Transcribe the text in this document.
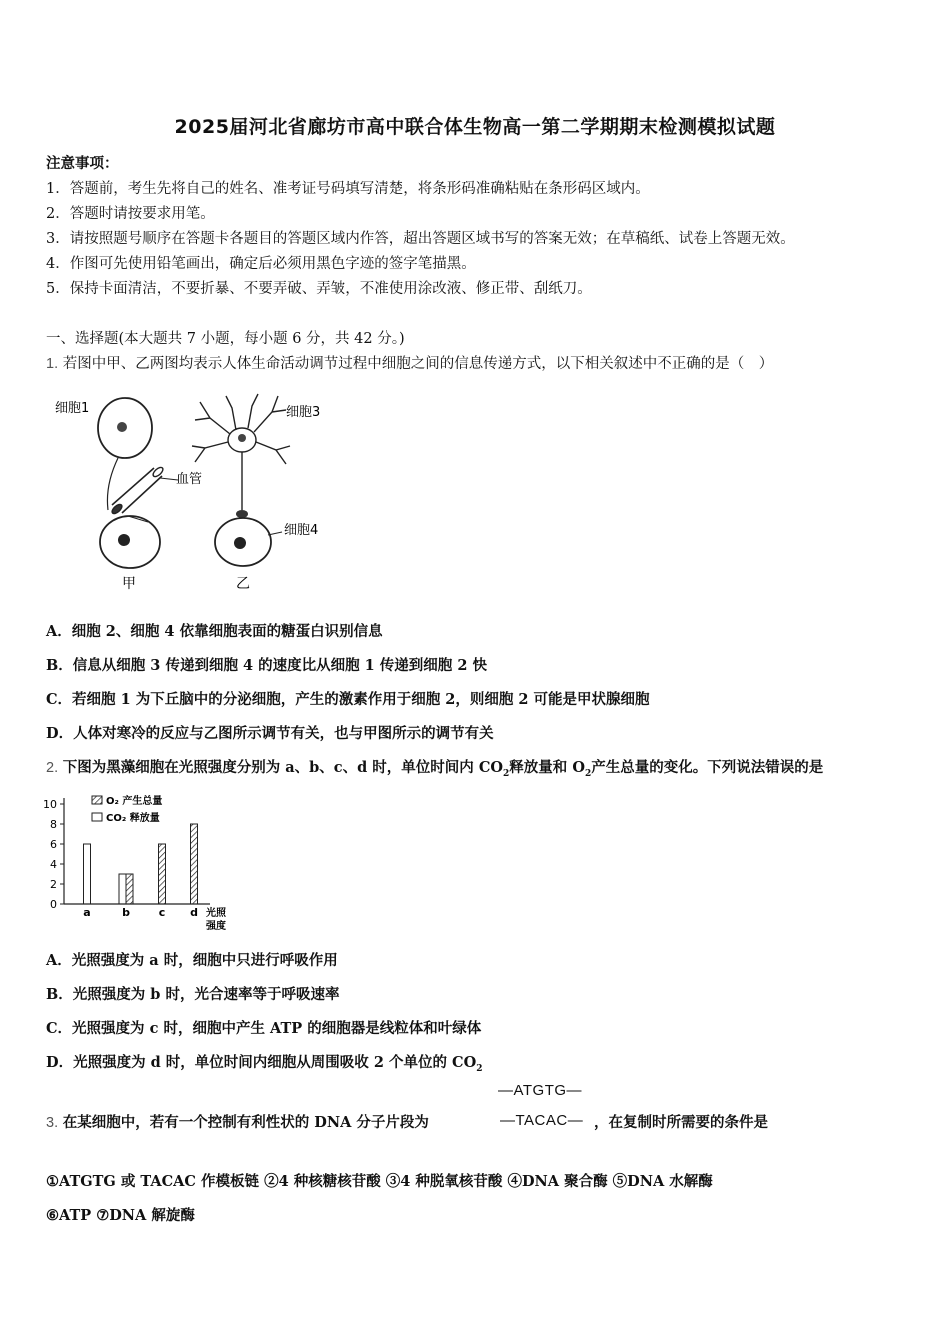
2025届河北省廊坊市高中联合体生物高一第二学期期末检测模拟试题
注意事项：
1．答题前，考生先将自己的姓名、准考证号码填写清楚，将条形码准确粘贴在条形码区域内。
2．答题时请按要求用笔。
3．请按照题号顺序在答题卡各题目的答题区域内作答，超出答题区域书写的答案无效；在草稿纸、试卷上答题无效。
4．作图可先使用铅笔画出，确定后必须用黑色字迹的签字笔描黑。
5．保持卡面清洁，不要折暴、不要弄破、弄皱，不准使用涂改液、修正带、刮纸刀。
一、选择题(本大题共 7 小题，每小题 6 分，共 42 分。)
1. 若图中甲、乙两图均表示人体生命活动调节过程中细胞之间的信息传递方式，以下相关叙述中不正确的是（　）
细胞1
血管
甲
细胞3
细胞4
乙
A．细胞 2、细胞 4 依靠细胞表面的糖蛋白识别信息
B．信息从细胞 3 传递到细胞 4 的速度比从细胞 1 传递到细胞 2 快
C．若细胞 1 为下丘脑中的分泌细胞，产生的激素作用于细胞 2，则细胞 2 可能是甲状腺细胞
D．人体对寒冷的反应与乙图所示调节有关，也与甲图所示的调节有关
2. 下图为黑藻细胞在光照强度分别为 a、b、c、d 时，单位时间内 $CO_2$释放量和 $O_2$产生总量的变化。下列说法错误的是
0
2
4
6
8
10
a	b	c d
O₂ 产生总量
CO₂ 释放量
光照
强度
A．光照强度为 a 时，细胞中只进行呼吸作用
B．光照强度为 b 时，光合速率等于呼吸速率
C．光照强度为 c 时，细胞中产生 ATP 的细胞器是线粒体和叶绿体
D．光照强度为 d 时，单位时间内细胞从周围吸收 2 个单位的 $CO_2$
3. 在某细胞中，若有一个控制有利性状的 DNA 分子片段为
—ATGTG—
—TACAC— ，在复制时所需要的条件是
①ATGTG 或 TACAC 作模板链 ②4 种核糖核苷酸 ③4 种脱氧核苷酸 ④DNA 聚合酶 ⑤DNA 水解酶
⑥ATP ⑦DNA 解旋酶
